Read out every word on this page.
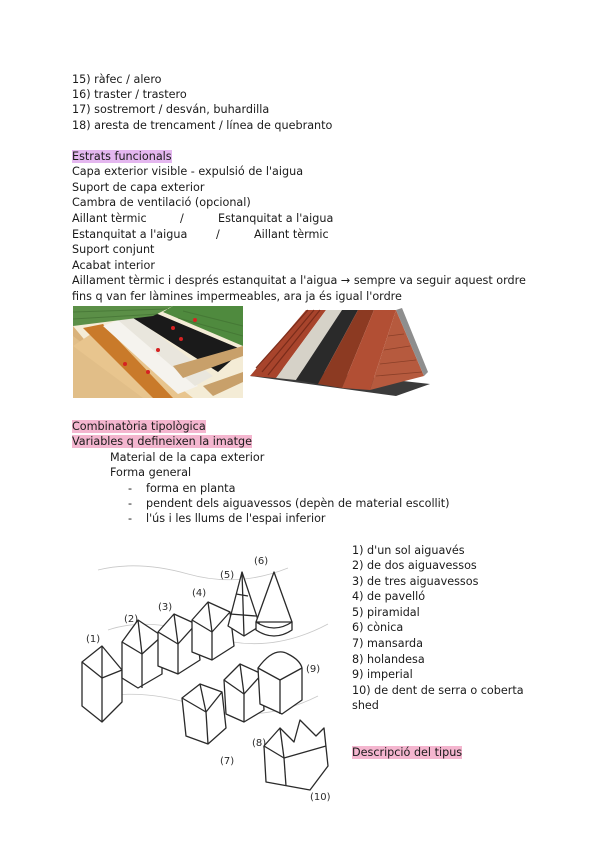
15) ràfec / alero
16) traster / trastero
17) sostremort / desván, buhardilla
18) aresta de trencament / línea de quebranto
Estrats funcionals
Capa exterior visible - expulsió de l'aigua
Suport de capa exterior
Cambra de ventilació (opcional)
Aillant tèrmic	/	Estanquitat a l'aigua
Estanquitat a l'aigua	/	Aillant tèrmic
Suport conjunt
Acabat interior
Aillament tèrmic i després estanquitat a l'aigua → sempre va seguir aquest ordre
fins q van fer làmines impermeables, ara ja és igual l'ordre
Combinatòria tipològica
Variables q defineixen la imatge
Material de la capa exterior
Forma general
- forma en planta
- pendent dels aiguavessos (depèn de material escollit)
- l'ús i les llums de l'espai inferior
(1)
(2)
(3)
(4)
(5)
(6)
(7)
(8)
(9)
(10)
1) d'un sol aiguavés
2) de dos aiguavessos
3) de tres aiguavessos
4) de pavelló
5) piramidal
6) cònica
7) mansarda
8) holandesa
9) imperial
10) de dent de serra o coberta
shed
Descripció del tipus
